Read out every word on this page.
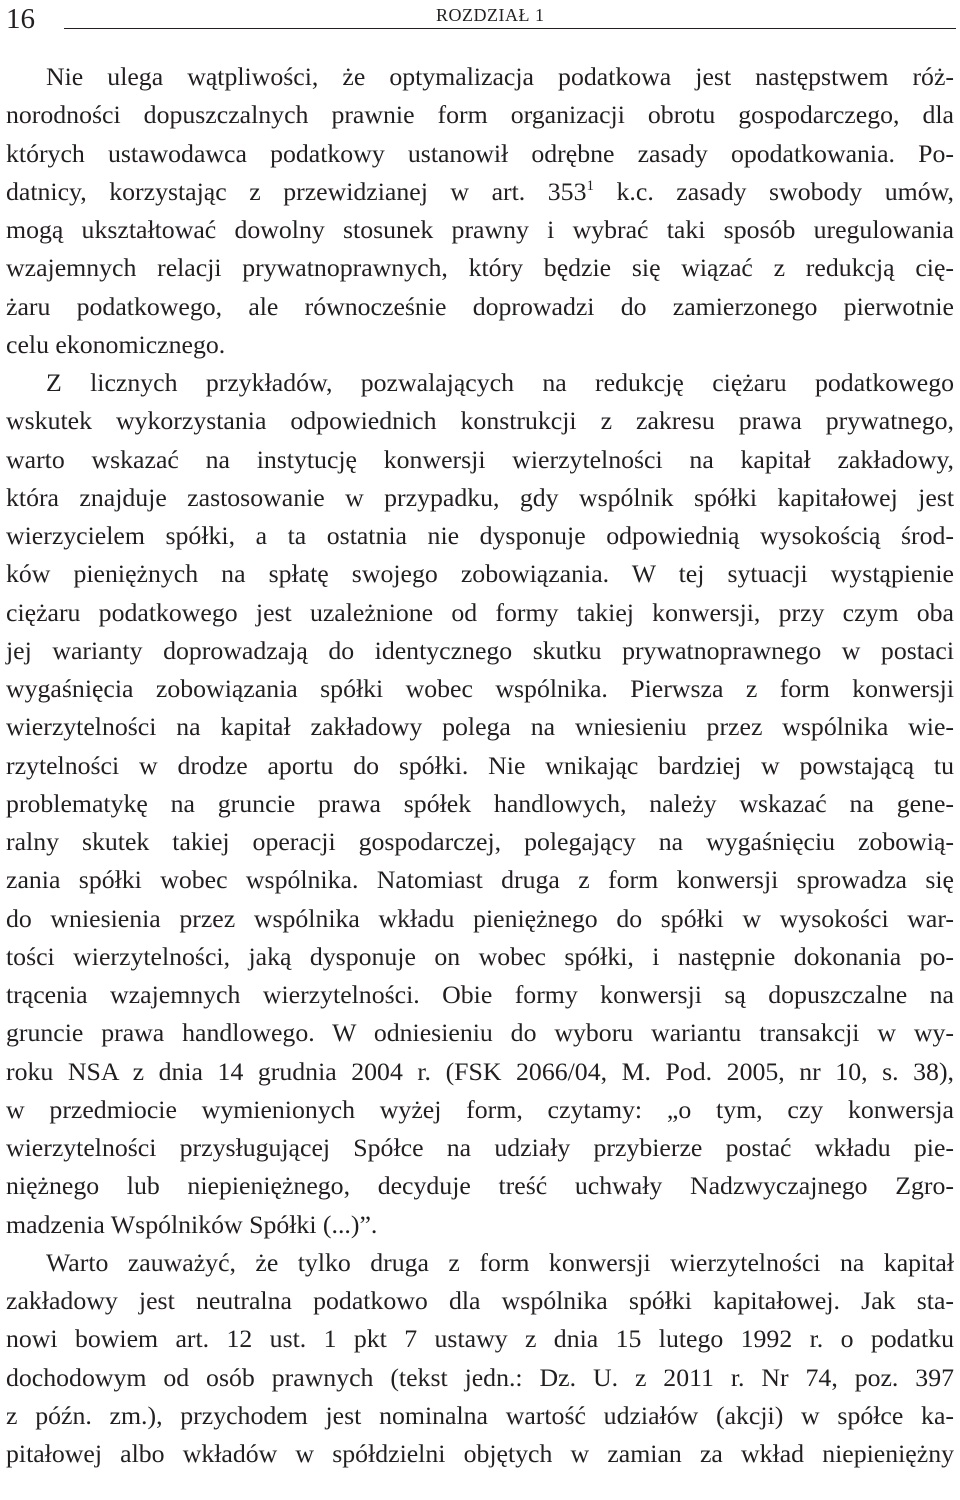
16	ROZDZIAŁ 1
Nie ulega wątpliwości, że optymalizacja podatkowa jest następstwem róż-
norodności dopuszczalnych prawnie form organizacji obrotu gospodarczego, dla
których ustawodawca podatkowy ustanowił odrębne zasady opodatkowania. Po-
datnicy, korzystając z przewidzianej w art. $353^1$ k.c. zasady swobody umów,
mogą ukształtować dowolny stosunek prawny i wybrać taki sposób uregulowania
wzajemnych relacji prywatnoprawnych, który będzie się wiązać z redukcją cię-
żaru podatkowego, ale równocześnie doprowadzi do zamierzonego pierwotnie
celu ekonomicznego.
Z licznych przykładów, pozwalających na redukcję ciężaru podatkowego
wskutek wykorzystania odpowiednich konstrukcji z zakresu prawa prywatnego,
warto wskazać na instytucję konwersji wierzytelności na kapitał zakładowy,
która znajduje zastosowanie w przypadku, gdy wspólnik spółki kapitałowej jest
wierzycielem spółki, a ta ostatnia nie dysponuje odpowiednią wysokością środ-
ków pieniężnych na spłatę swojego zobowiązania. W tej sytuacji wystąpienie
ciężaru podatkowego jest uzależnione od formy takiej konwersji, przy czym oba
jej warianty doprowadzają do identycznego skutku prywatnoprawnego w postaci
wygaśnięcia zobowiązania spółki wobec wspólnika. Pierwsza z form konwersji
wierzytelności na kapitał zakładowy polega na wniesieniu przez wspólnika wie-
rzytelności w drodze aportu do spółki. Nie wnikając bardziej w powstającą tu
problematykę na gruncie prawa spółek handlowych, należy wskazać na gene-
ralny skutek takiej operacji gospodarczej, polegający na wygaśnięciu zobowią-
zania spółki wobec wspólnika. Natomiast druga z form konwersji sprowadza się
do wniesienia przez wspólnika wkładu pieniężnego do spółki w wysokości war-
tości wierzytelności, jaką dysponuje on wobec spółki, i następnie dokonania po-
trącenia wzajemnych wierzytelności. Obie formy konwersji są dopuszczalne na
gruncie prawa handlowego. W odniesieniu do wyboru wariantu transakcji w wy-
roku NSA z dnia 14 grudnia 2004 r. (FSK 2066/04, M. Pod. 2005, nr 10, s. 38),
w przedmiocie wymienionych wyżej form, czytamy: „o tym, czy konwersja
wierzytelności przysługującej Spółce na udziały przybierze postać wkładu pie-
niężnego lub niepieniężnego, decyduje treść uchwały Nadzwyczajnego Zgro-
madzenia Wspólników Spółki (...)”.
Warto zauważyć, że tylko druga z form konwersji wierzytelności na kapitał
zakładowy jest neutralna podatkowo dla wspólnika spółki kapitałowej. Jak sta-
nowi bowiem art. 12 ust. 1 pkt 7 ustawy z dnia 15 lutego 1992 r. o podatku
dochodowym od osób prawnych (tekst jedn.: Dz. U. z 2011 r. Nr 74, poz. 397
z późn. zm.), przychodem jest nominalna wartość udziałów (akcji) w spółce ka-
pitałowej albo wkładów w spółdzielni objętych w zamian za wkład niepieniężny
